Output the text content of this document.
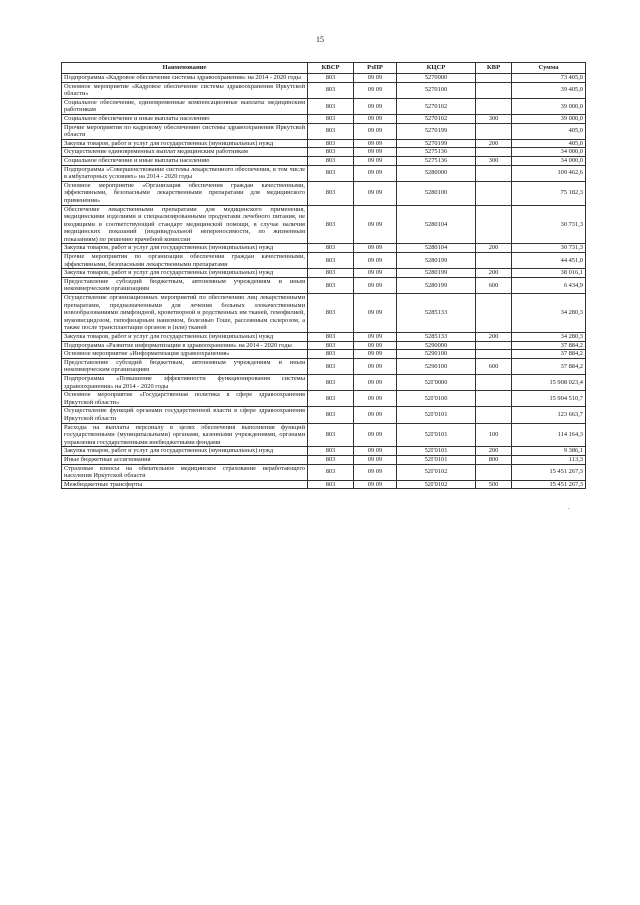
15
Наименование	КВСР	РзПР	КЦСР	КВР	Сумма
Подпрограмма «Кадровое обеспечение системы здравоохранения» на 2014 - 2020 годы	803	09 09	5270000		73 405,0
Основное мероприятие «Кадровое обеспечение системы здравоохранения Иркутской области»	803	09 09	5270100		39 405,0
Социальное обеспечение, единовременные компенсационные выплаты медицинским работникам	803	09 09	5270102		39 000,0
Социальное обеспечение и иные выплаты населению	803	09 09	5270102	300	39 000,0
Прочие мероприятия по кадровому обеспечению системы здравоохранения Иркутской области	803	09 09	5270199		405,0
Закупка товаров, работ и услуг для государственных (муниципальных) нужд	803	09 09	5270199	200	405,0
Осуществление единовременных выплат медицинским работникам	803	09 09	5275136		34 000,0
Социальное обеспечение и иные выплаты населению	803	09 09	5275136	300	34 000,0
Подпрограмма «Совершенствование системы лекарственного обеспечения, в том числе в амбулаторных условиях» на 2014 - 2020 годы	803	09 09	5280000		109 462,6
Основное мероприятие «Организация обеспечения граждан качественными, эффективными, безопасными лекарственными препаратами для медицинского применения»	803	09 09	5280100		75 182,3
Обеспечение лекарственными препаратами для медицинского применения, медицинскими изделиями и специализированными продуктами лечебного питания, не входящими в соответствующий стандарт медицинской помощи, в случае наличия медицинских показаний (индивидуальной непереносимости, по жизненным показаниям) по решению врачебной комиссии	803	09 09	5280104		30 731,3
Закупка товаров, работ и услуг для государственных (муниципальных) нужд	803	09 09	5280104	200	30 731,3
Прочие мероприятия по организации обеспечения граждан качественными, эффективными, безопасными лекарственными препаратами	803	09 09	5280199		44 451,0
Закупка товаров, работ и услуг для государственных (муниципальных) нужд	803	09 09	5280199	200	38 016,1
Предоставление субсидий бюджетным, автономным учреждениям и иным некоммерческим организациям	803	09 09	5280199	600	6 434,9
Осуществление организационных мероприятий по обеспечению лиц лекарственными препаратами, предназначенными для лечения больных злокачественными новообразованиями лимфоидной, кроветворной и родственных им тканей, гемофилией, муковисцидозом, гипофизарным нанизмом, болезнью Гоше, рассеянным склерозом, а также после трансплантации органов и (или) тканей	803	09 09	5285133		34 280,3
Закупка товаров, работ и услуг для государственных (муниципальных) нужд	803	09 09	5285133	200	34 280,3
Подпрограмма «Развитие информатизации в здравоохранении» на 2014 - 2020 годы	803	09 09	5290000		37 884,2
Основное мероприятие «Информатизация здравоохранения»	803	09 09	5290100		37 884,2
Предоставление субсидий бюджетным, автономным учреждениям и иным некоммерческим организациям	803	09 09	5290100	600	37 884,2
Подпрограмма «Повышение эффективности функционирования системы здравоохранения» на 2014 - 2020 годы	803	09 09	52Г0000		15 908 023,4
Основное мероприятие «Государственная политика в сфере здравоохранения Иркутской области»	803	09 09	52Г0100		15 904 510,7
Осуществление функций органами государственной власти в сфере здравоохранения Иркутской области	803	09 09	52Г0101		123 663,7
Расходы на выплаты персоналу в целях обеспечения выполнения функций государственными (муниципальными) органами, казенными учреждениями, органами управления государственными внебюджетными фондами	803	09 09	52Г0101	100	114 164,3
Закупка товаров, работ и услуг для государственных (муниципальных) нужд	803	09 09	52Г0101	200	9 386,1
Иные бюджетные ассигнования	803	09 09	52Г0101	800	113,3
Страховые взносы на обязательное медицинское страхование неработающего населения Иркутской области	803	09 09	52Г0102		15 451 267,3
Межбюджетные трансферты	803	09 09	52Г0102	500	15 451 267,3
.
